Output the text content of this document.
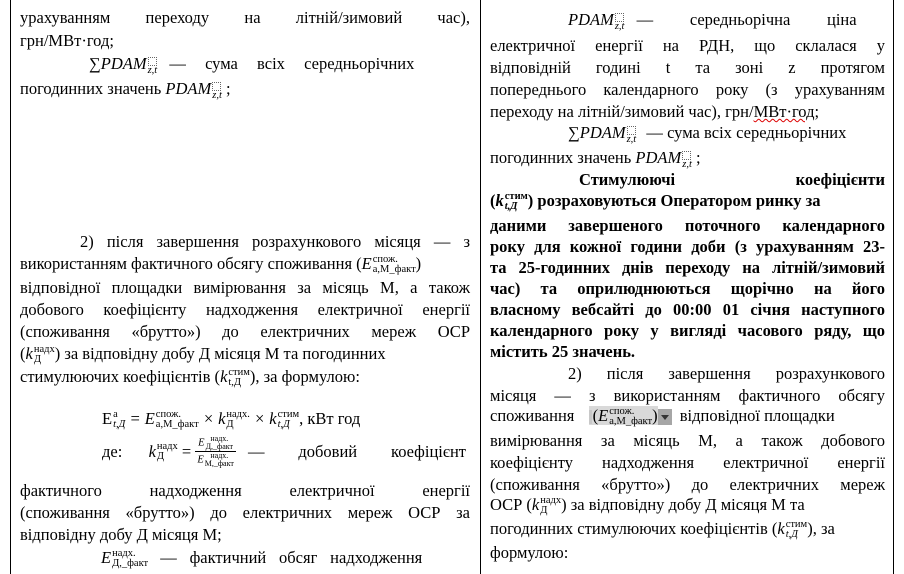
урахуванням переходу на літній/зимовий час),
грн/МВт·год;
∑PDAM z,t — сума всіх середньорічних
погодинних значень PDAM z,t ;
2) після завершення розрахункового місяця — з
використанням фактичного обсягу споживання (E спож.
а,М_факт )
відповідної площадки вимірювання за місяць М, а також
добового коефіцієнту надходження електричної енергії
(споживання «брутто») до електричних мереж ОСР
(k надх
Д ) за відповідну добу Д місяця М та погодинних
стимулюючих коефіцієнтів (k стим
t,Д ), за формулою:
Е а
t,Д = E спож.
а,М_факт × k надх.
Д × k стим
t,Д , кВт год
де: k надх
Д	= E надх.
Д,_факт
E надх.
М,_факт — добовий коефіцієнт
фактичного надходження електричної енергії
(споживання «брутто») до електричних мереж ОСР за
відповідну добу Д місяця М;
E надх.
Д,_факт — фактичний обсяг надходження
PDAM z,t — середньорічна ціна
електричної енергії на РДН, що склалася у
відповідній годині t та зоні z протягом
попереднього календарного року (з урахуванням
переходу на літній/зимовий час), грн/МВт·год;
∑PDAM z,t — сума всіх середньорічних
погодинних значень PDAM z,t ;
Стимулюючі коефіцієнти
(k стим
t,Д ) розраховуються Оператором ринку за
даними завершеного поточного календарного
року для кожної години доби (з урахуванням 23-
та 25-годинних днів переходу на літній/зимовий
час) та оприлюднюються щорічно на його
власному вебсайті до 00:00 01 січня наступного
календарного року у вигляді часового ряду, що
містить 25 значень.
2) після завершення розрахункового
місяця — з використанням фактичного обсягу
споживання (E спож.
а,М_факт ) відповідної площадки
вимірювання за місяць М, а також добового
коефіцієнту надходження електричної енергії
(споживання «брутто») до електричних мереж
ОСР (k надх
Д ) за відповідну добу Д місяця М та
погодинних стимулюючих коефіцієнтів (k стим
t,Д ), за
формулою:
